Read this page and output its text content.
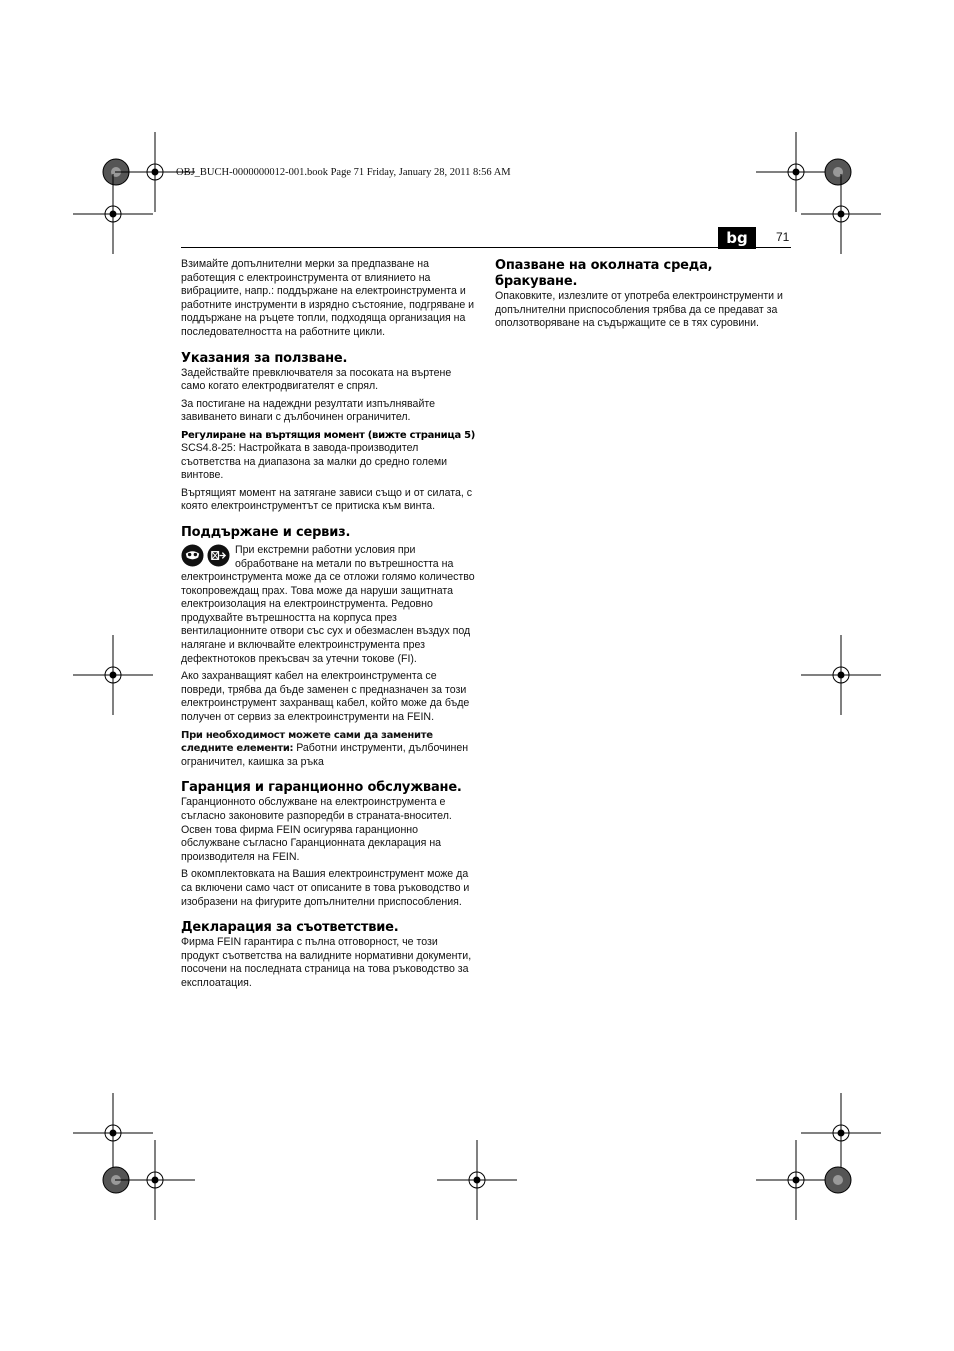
OBJ_BUCH-0000000012-001.book Page 71 Friday, January 28, 2011 8:56 AM
bg	71

Взимайте допълнителни мерки за предпазване на работещия с електроинструмента от влиянието на вибрациите, напр.: поддържане на електроинструмента и работните инструменти в изрядно състояние, подгряване и поддържане на ръцете топли, подходяща организация на последователността на работните цикли.

Указания за ползване.

Задействайте превключвателя за посоката на въртене само когато електродвигателят е спрял.

За постигане на надеждни резултати изпълнявайте завиването винаги с дълбочинен ограничител.

Регулиране на въртящия момент (вижте страница 5)

SCS4.8-25: Настройката в завода-производител съответства на диапазона за малки до средно големи винтове.

Въртящият момент на затягане зависи също и от силата, с която електроинструментът се притиска към винта.

Поддържане и сервиз.

При екстремни работни условия при обработване на метали по вътрешността на електроинструмента може да се отложи голямо количество токопровеждащ прах. Това може да наруши защитната електроизолация на електроинструмента. Редовно продухвайте вътрешността на корпуса през вентилационните отвори със сух и обезмаслен въздух под налягане и включвайте електроинструмента през дефектнотоков прекъсвач за утечни токове (FI).

Ако захранващият кабел на електроинструмента се повреди, трябва да бъде заменен с предназначен за този електроинструмент захранващ кабел, който може да бъде получен от сервиз за електроинструменти на FEIN.

При необходимост можете сами да замените следните елементи: Работни инструменти, дълбочинен ограничител, каишка за ръка

Гаранция и гаранционно обслужване.

Гаранционното обслужване на електроинструмента е съгласно законовите разпоредби в страната-вносител. Освен това фирма FEIN осигурява гаранционно обслужване съгласно Гаранционната декларация на производителя на FEIN.

В окомплектовката на Вашия електроинструмент може да са включени само част от описаните в това ръководство и изобразени на фигурите допълнителни приспособления.

Декларация за съответствие.

Фирма FEIN гарантира с пълна отговорност, че този продукт съответства на валидните нормативни документи, посочени на последната страница на това ръководство за експлоатация.

Опазване на околната среда, бракуване.

Опаковките, излезлите от употреба електроинструменти и допълнителни приспособления трябва да се предават за оползотворяване на съдържащите се в тях суровини.
